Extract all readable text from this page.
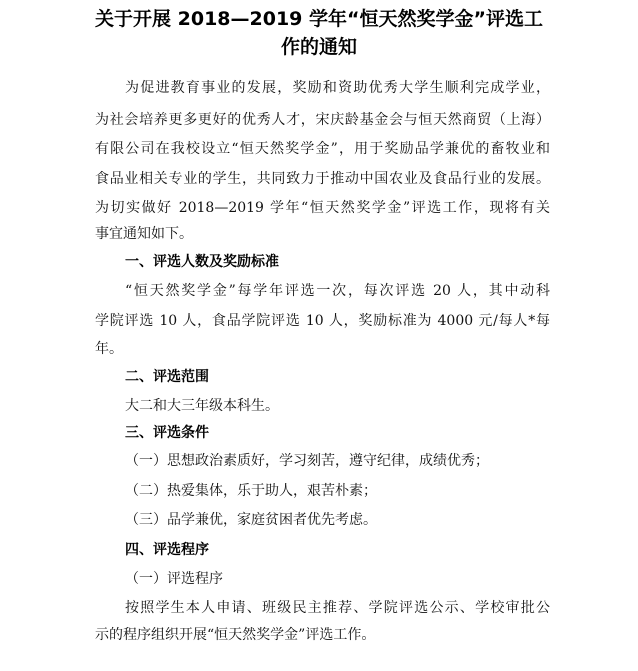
关于开展 2018—2019 学年“恒天然奖学金”评选工
作的通知
为促进教育事业的发展，奖励和资助优秀大学生顺利完成学业，
为社会培养更多更好的优秀人才，宋庆龄基金会与恒天然商贸（上海）
有限公司在我校设立“恒天然奖学金”，用于奖励品学兼优的畜牧业和
食品业相关专业的学生，共同致力于推动中国农业及食品行业的发展。
为切实做好 2018—2019 学年“恒天然奖学金”评选工作，现将有关
事宜通知如下。
一、评选人数及奖励标准
“恒天然奖学金”每学年评选一次，每次评选 20 人，其中动科
学院评选 10 人，食品学院评选 10 人，奖励标准为 4000 元/每人*每
年。
二、评选范围
大二和大三年级本科生。
三、评选条件
（一）思想政治素质好，学习刻苦，遵守纪律，成绩优秀；
（二）热爱集体，乐于助人，艰苦朴素；
（三）品学兼优，家庭贫困者优先考虑。
四、评选程序
（一）评选程序
按照学生本人申请、班级民主推荐、学院评选公示、学校审批公
示的程序组织开展“恒天然奖学金”评选工作。
